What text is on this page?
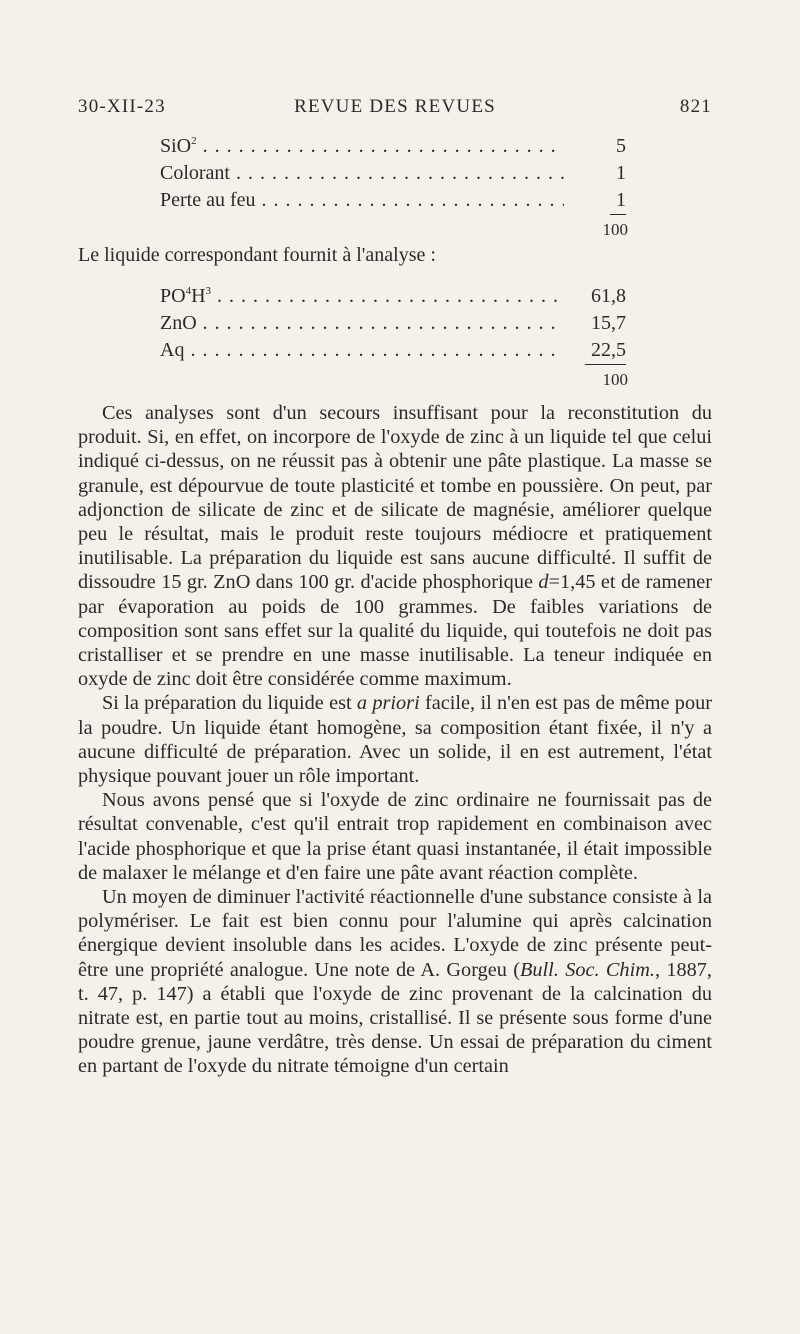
30-XII-23	REVUE DES REVUES	821
SiO$^2$ . . .	5
Colorant . . .	1
Perte au feu . . .	1
100
Le liquide correspondant fournit à l'analyse :
$PO^4H^3$ . . .	61,8
ZnO . . .	15,7
Aq . . .	22,5
100

Ces analyses sont d'un secours insuffisant pour la reconstitution du produit. Si, en effet, on incorpore de l'oxyde de zinc à un liquide tel que celui indiqué ci-dessus, on ne réussit pas à obtenir une pâte plastique. La masse se granule, est dépourvue de toute plasticité et tombe en poussière. On peut, par adjonction de silicate de zinc et de silicate de magnésie, améliorer quelque peu le résultat, mais le produit reste toujours médiocre et pratiquement inutilisable. La préparation du liquide est sans aucune difficulté. Il suffit de dissoudre 15 gr. ZnO dans 100 gr. d'acide phosphorique d=1,45 et de ramener par évaporation au poids de 100 grammes. De faibles variations de composition sont sans effet sur la qualité du liquide, qui toutefois ne doit pas cristalliser et se prendre en une masse inutilisable. La teneur indiquée en oxyde de zinc doit être considérée comme maximum.

Si la préparation du liquide est a priori facile, il n'en est pas de même pour la poudre. Un liquide étant homogène, sa composition étant fixée, il n'y a aucune difficulté de préparation. Avec un solide, il en est autrement, l'état physique pouvant jouer un rôle important.

Nous avons pensé que si l'oxyde de zinc ordinaire ne fournissait pas de résultat convenable, c'est qu'il entrait trop rapidement en combinaison avec l'acide phosphorique et que la prise étant quasi instantanée, il était impossible de malaxer le mélange et d'en faire une pâte avant réaction complète.

Un moyen de diminuer l'activité réactionnelle d'une substance consiste à la polymériser. Le fait est bien connu pour l'alumine qui après calcination énergique devient insoluble dans les acides. L'oxyde de zinc présente peut-être une propriété analogue. Une note de A. Gorgeu (Bull. Soc. Chim., 1887, t. 47, p. 147) a établi que l'oxyde de zinc provenant de la calcination du nitrate est, en partie tout au moins, cristallisé. Il se présente sous forme d'une poudre grenue, jaune verdâtre, très dense. Un essai de préparation du ciment en partant de l'oxyde du nitrate témoigne d'un certain
